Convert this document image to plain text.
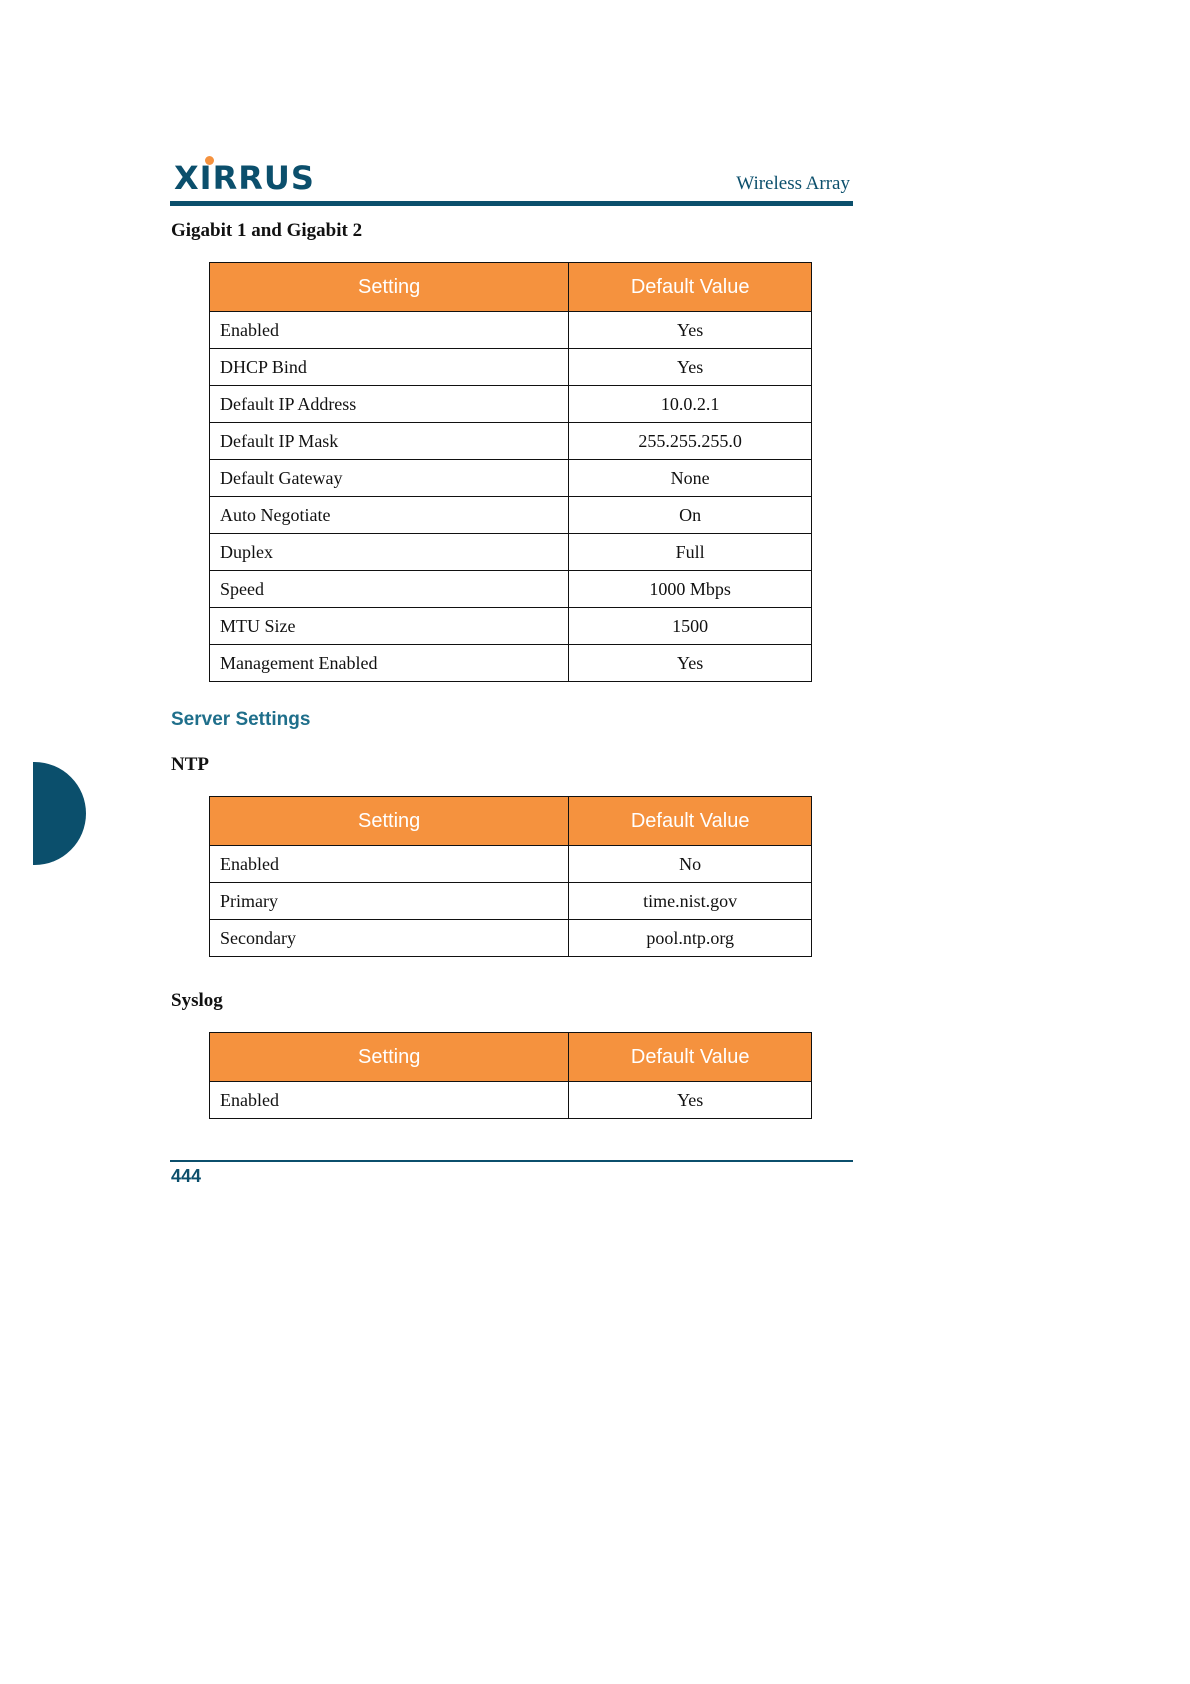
XIRRUS	Wireless Array
Gigabit 1 and Gigabit 2
Setting	Default Value
Enabled	Yes
DHCP Bind	Yes
Default IP Address	10.0.2.1
Default IP Mask	255.255.255.0
Default Gateway	None
Auto Negotiate	On
Duplex	Full
Speed	1000 Mbps
MTU Size	1500
Management Enabled	Yes
Server Settings
NTP
Setting	Default Value
Enabled	No
Primary	time.nist.gov
Secondary	pool.ntp.org
Syslog
Setting	Default Value
Enabled	Yes
444
